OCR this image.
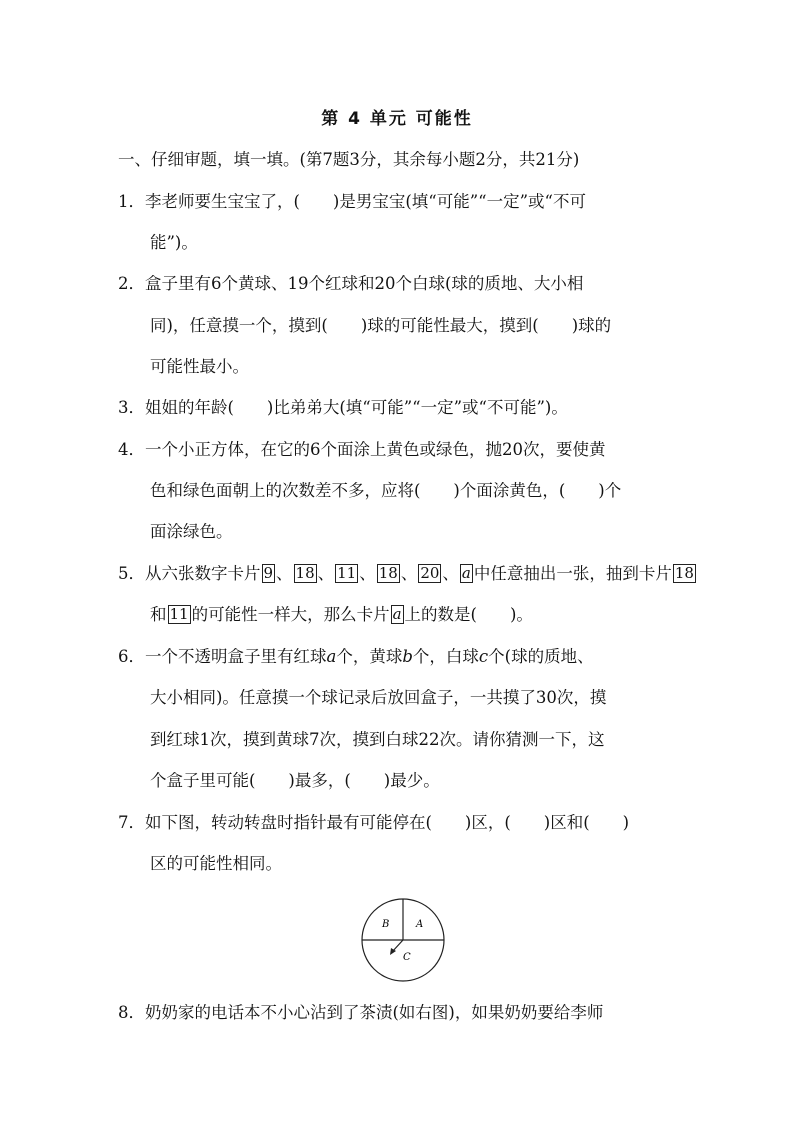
第 4 单元 可能性
一、仔细审题，填一填。(第7题3分，其余每小题2分，共21分)
1．李老师要生宝宝了，(　　)是男宝宝(填“可能”“一定”或“不可
能”)。
2．盒子里有6个黄球、19个红球和20个白球(球的质地、大小相
同)，任意摸一个，摸到(　　)球的可能性最大，摸到(　　)球的
可能性最小。
3．姐姐的年龄(　　)比弟弟大(填“可能”“一定”或“不可能”)。
4．一个小正方体，在它的6个面涂上黄色或绿色，抛20次，要使黄
色和绿色面朝上的次数差不多，应将(　　)个面涂黄色，(　　)个
面涂绿色。
5．从六张数字卡片 9 、 18 、 11 、 18 、 20 、 a 中任意抽出一张，抽到卡片 18
和 11 的可能性一样大，那么卡片 a 上的数是(　　)。
6．一个不透明盒子里有红球a个，黄球b个，白球c个(球的质地、
大小相同)。任意摸一个球记录后放回盒子，一共摸了30次，摸
到红球1次，摸到黄球7次，摸到白球22次。请你猜测一下，这
个盒子里可能(　　)最多，(　　)最少。
7．如下图，转动转盘时指针最有可能停在(　　)区，(　　)区和(　　)
区的可能性相同。
B	A
C
8．奶奶家的电话本不小心沾到了茶渍(如右图)，如果奶奶要给李师
